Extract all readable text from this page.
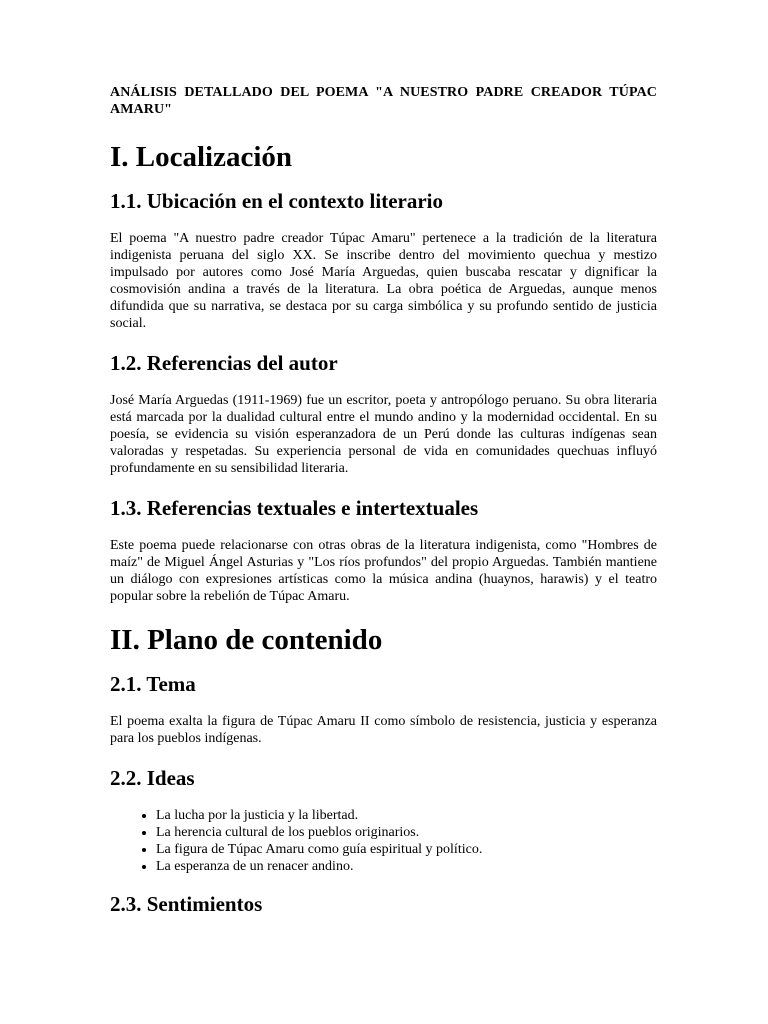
ANÁLISIS DETALLADO DEL POEMA "A NUESTRO PADRE CREADOR TÚPAC AMARU"
I. Localización
1.1. Ubicación en el contexto literario

El poema "A nuestro padre creador Túpac Amaru" pertenece a la tradición de la literatura indigenista peruana del siglo XX. Se inscribe dentro del movimiento quechua y mestizo impulsado por autores como José María Arguedas, quien buscaba rescatar y dignificar la cosmovisión andina a través de la literatura. La obra poética de Arguedas, aunque menos difundida que su narrativa, se destaca por su carga simbólica y su profundo sentido de justicia social.

1.2. Referencias del autor

José María Arguedas (1911-1969) fue un escritor, poeta y antropólogo peruano. Su obra literaria está marcada por la dualidad cultural entre el mundo andino y la modernidad occidental. En su poesía, se evidencia su visión esperanzadora de un Perú donde las culturas indígenas sean valoradas y respetadas. Su experiencia personal de vida en comunidades quechuas influyó profundamente en su sensibilidad literaria.

1.3. Referencias textuales e intertextuales

Este poema puede relacionarse con otras obras de la literatura indigenista, como "Hombres de maíz" de Miguel Ángel Asturias y "Los ríos profundos" del propio Arguedas. También mantiene un diálogo con expresiones artísticas como la música andina (huaynos, harawis) y el teatro popular sobre la rebelión de Túpac Amaru.

II. Plano de contenido
2.1. Tema

El poema exalta la figura de Túpac Amaru II como símbolo de resistencia, justicia y esperanza para los pueblos indígenas.

2.2. Ideas
• La lucha por la justicia y la libertad.
• La herencia cultural de los pueblos originarios.
• La figura de Túpac Amaru como guía espiritual y político.
• La esperanza de un renacer andino.
2.3. Sentimientos
